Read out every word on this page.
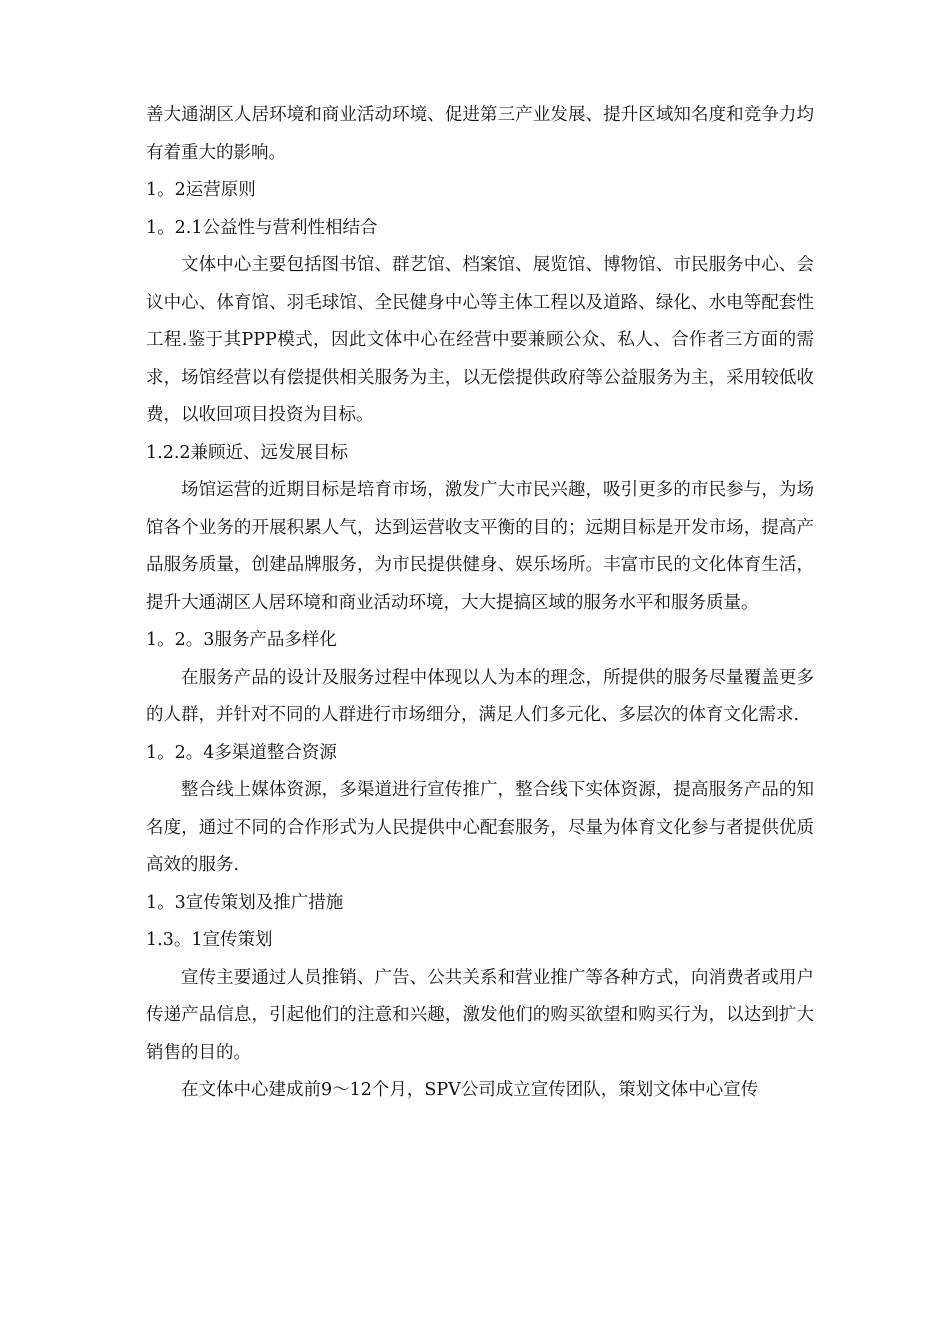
善大通湖区人居环境和商业活动环境、促进第三产业发展、提升区域知名度和竞争力均有着重大的影响。

1。2运营原则

1。2.1公益性与营利性相结合

文体中心主要包括图书馆、群艺馆、档案馆、展览馆、博物馆、市民服务中心、会议中心、体育馆、羽毛球馆、全民健身中心等主体工程以及道路、绿化、水电等配套性工程.鉴于其PPP模式，因此文体中心在经营中要兼顾公众、私人、合作者三方面的需求，场馆经营以有偿提供相关服务为主，以无偿提供政府等公益服务为主，采用较低收费，以收回项目投资为目标。

1.2.2兼顾近、远发展目标

场馆运营的近期目标是培育市场，激发广大市民兴趣，吸引更多的市民参与，为场馆各个业务的开展积累人气，达到运营收支平衡的目的；远期目标是开发市场，提高产品服务质量，创建品牌服务，为市民提供健身、娱乐场所。丰富市民的文化体育生活，提升大通湖区人居环境和商业活动环境，大大提搞区域的服务水平和服务质量。

1。2。3服务产品多样化

在服务产品的设计及服务过程中体现以人为本的理念，所提供的服务尽量覆盖更多的人群，并针对不同的人群进行市场细分，满足人们多元化、多层次的体育文化需求.

1。2。4多渠道整合资源

整合线上媒体资源，多渠道进行宣传推广，整合线下实体资源，提高服务产品的知名度，通过不同的合作形式为人民提供中心配套服务，尽量为体育文化参与者提供优质高效的服务.

1。3宣传策划及推广措施

1.3。1宣传策划

宣传主要通过人员推销、广告、公共关系和营业推广等各种方式，向消费者或用户传递产品信息，引起他们的注意和兴趣，激发他们的购买欲望和购买行为，以达到扩大销售的目的。

在文体中心建成前9～12个月，SPV公司成立宣传团队，策划文体中心宣传
